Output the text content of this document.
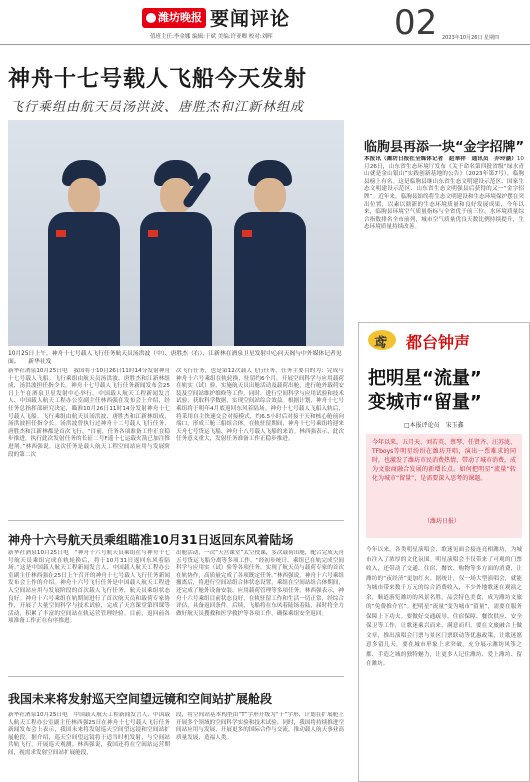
潍坊晚报 要闻评论
值班主任:李金娜 编辑:于斌 美编:许亚卿 校对:刘晖	02 2023年10月26日 星期四
神舟十七号载人飞船今天发射
飞行乘组由航天员汤洪波、唐胜杰和江新林组成
10月25日上午，神舟十七号载人飞行任务航天员汤洪波（中）、唐胜杰（右）、江新林在酒泉卫星发射中心问天阁与中外媒体记者见面。　　新华社发
新华社酒泉10月25日电　我国将于10月26日11时14分发射神舟十七号载人飞船。飞行乘组由航天员汤洪波、唐胜杰和江新林组成，汤洪波担任指令长。神舟十七号载人飞行任务新闻发布会25日上午在酒泉卫星发射中心举行。中国载人航天工程新闻发言人、中国载人航天工程办公室副主任林西强在发布会上介绍，经任务总指挥部研究决定，瞄准10月26日11时14分发射神舟十七号载人飞船。飞行乘组由航天员汤洪波、唐胜杰和江新林组成，汤洪波担任指令长。汤洪波曾执行过神舟十二号载人飞行任务，唐胜杰和江新林都是首次飞行。“目前，任务各项准备工作正在稳步推进，执行此次发射任务的长征二号F遥十七运载火箭已加注推进剂。”林西强说。这次任务是载人航天工程空间站应用与发展阶段的第二次
次飞行任务，也是第12次载人飞行任务，任务主要目的为：完成与神舟十六号乘组在轨轮换，驻留约6个月，开展空间科学与应用载荷在轨实（试）验，实施航天员出舱活动及载荷出舱，进行舱外载荷安装及空间站维护维修等工作。同时，进行空间科学与应用试验和技术试验，获取科学数据，实现空间站综合效益。根据计划，神舟十七号乘组将于明年4月底返回东风着陆场。神舟十七号载人飞船入轨后，将采用自主快速交会对接模式，约6.5小时后对接于天和核心舱前向端口，形成三舱三船组合体。在轨驻留期间，神舟十七号乘组将迎来天舟七号货运飞船、神舟十八号载人飞船的来访。林西强表示，此次任务意义重大，发射任务准备工作正稳步推进。
神舟十六号航天员乘组瞄准10月31日返回东风着陆场
新华社酒泉10月25日电　“神舟十六号航天员乘组在与神舟十七号航天员乘组完成在轨轮换后，将于10月31日返回东风着陆场。”这是中国载人航天工程新闻发言人、中国载人航天工程办公室副主任林西强在25日上午召开的神舟十七号载人飞行任务新闻发布会上作的介绍。神舟十六号飞行任务是中国载人航天工程进入空间站应用与发展阶段的首次载人飞行任务，航天员乘组状态良好。神舟十六号乘组在轨期间进行了首次航天员和载荷专家协作，开展了大量空间科学与技术试验，完成了天宫课堂第四课等活动，积累了丰富的空间站在轨运营管理经验。目前，返回前各项准备工作正在有序推进。
出舱活动，一次“天宫课堂”太空授课，多次载荷出舱，配合完成天舟五号货运飞船分离等多项工作。“经初步统计，乘组已在轨完成空间科学与应用实（试）验等各项任务，实现了航天员与载荷专家的首次在轨协作，高质量完成了各项既定任务。”林西强说，神舟十六号乘组撤离后，将进行空间站组合体状态设置，乘组在空间站组合体期间，还完成了舱外设备安装、应用载荷管理等多项任务。林西强表示，神舟十六号乘组目前状态良好，在轨驻留工作和生活一切正常，经综合评估，具备返回条件。后续，飞船将在东风着陆场着陆，届时将全力做好航天员搜救和医学救护等各项工作，确保乘组安全返回。
我国未来将发射巡天空间望远镜和空间站扩展舱段
新华社酒泉10月25日电　中国载人航天工程新闻发言人、中国载人航天工程办公室副主任林西强25日在神舟十七号载人飞行任务新闻发布会上表示，我国未来将发射巡天空间望远镜和空间站扩展舱段。据介绍，巡天空间望远镜将于适当时机发射，与空间站共轨飞行，开展巡天观测。林西强说，我国还将在空间站运营期间，视需求发射空间站扩展舱段，
段，将空间站基本构型由“T”字形升级为“十”字形，计划在扩展舱上开展多个领域的空间科学实验和技术试验。同时，我国将持续推进空间站应用与发展，开展更多的国际合作与交流，推动载人航天事业高质量发展，造福人类。
临朐县再添一块“金字招牌”
本报讯（潍坊日报社全媒体记者　赵華祥　通讯员　乔玲涵）10月26日，山东省生态环境厅发布《关于命名第四批省级“绿水青山就是金山银山”实践创新基地的公告》（2023年第7号），临朐县榜上有名。这是临朐县继山东省生态文明建设示范区、国家生态文明建设示范区、山东省生态文明强县后获得的又一“金字招牌”。近年来，临朐县始终将生态文明建设和生态环境保护摆在突出位置，以素以鼎新的生态环境质量和良好发展成果，今年以来，临朐县环境空气质量指标与全省优于前三位，水环境质量综合指数排名全市前列，城市空气质量优良天数比例持续提升，生态环境质量持续改善。
鸢 都台钟声
把明星“流量”
变城市“留量”
□本报评论员　宋玉鑫
今年以来，五月天、刘若英、蔡琴、任贤齐、汪苏泷、TFboys等明星纷纷在潍坊开唱，演出一票难求的同时，也激发了潍坊市民消费热情、带动了城市消费，成为文旅商融合发展的新增长点。如何把明星“流量”转化为城市“留量”，是需要深入思考的课题。
（潍坊日报）
今年以来，各类明星演唱会、歌迷见面会接连亮相潍坊，为城市注入了浓厚的文化氛围。明星演唱会不仅带来了可观的门票收入，还带动了交通、住宿、餐饮、购物等多方面的消费，让潍坊的“夜经济”更加红火。据统计，仅一场大型演唱会，就能为城市带来数千万元的综合消费收入，不少外地歌迷在观演之余，顺道游览潍坊的风景名胜，品尝特色美食，成为潍坊文旅的“免费推介官”。把明星“流量”变为城市“留量”，需要在服务保障上下功夫。要做好交通疏导、住宿保障、餐饮供应、安全保卫等工作，让歌迷乘兴而来、满意而归。要在文旅融合上做文章，推出演唱会门票与景区门票联动等优惠政策，让歌迷愿意多留几天。要在城市形象上求突破，充分展示潍坊风筝之都、手造之城的独特魅力，让更多人记住潍坊、爱上潍坊、留在潍坊。
